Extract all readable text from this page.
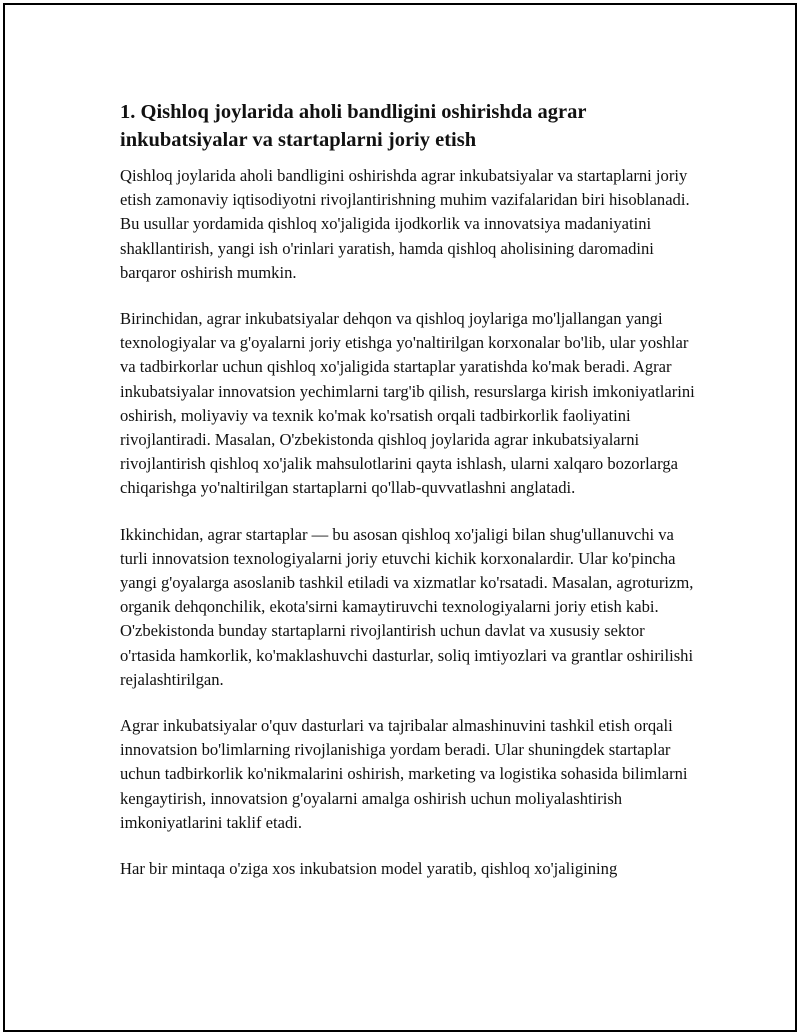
1. Qishloq joylarida aholi bandligini oshirishda agrar inkubatsiyalar va startaplarni joriy etish

Qishloq joylarida aholi bandligini oshirishda agrar inkubatsiyalar va startaplarni joriy etish zamonaviy iqtisodiyotni rivojlantirishning muhim vazifalaridan biri hisoblanadi. Bu usullar yordamida qishloq xo'jaligida ijodkorlik va innovatsiya madaniyatini shakllantirish, yangi ish o'rinlari yaratish, hamda qishloq aholisining daromadini barqaror oshirish mumkin.

Birinchidan, agrar inkubatsiyalar dehqon va qishloq joylariga mo'ljallangan yangi texnologiyalar va g'oyalarni joriy etishga yo'naltirilgan korxonalar bo'lib, ular yoshlar va tadbirkorlar uchun qishloq xo'jaligida startaplar yaratishda ko'mak beradi. Agrar inkubatsiyalar innovatsion yechimlarni targ'ib qilish, resurslarga kirish imkoniyatlarini oshirish, moliyaviy va texnik ko'mak ko'rsatish orqali tadbirkorlik faoliyatini rivojlantiradi. Masalan, O'zbekistonda qishloq joylarida agrar inkubatsiyalarni rivojlantirish qishloq xo'jalik mahsulotlarini qayta ishlash, ularni xalqaro bozorlarga chiqarishga yo'naltirilgan startaplarni qo'llab-quvvatlashni anglatadi.

Ikkinchidan, agrar startaplar — bu asosan qishloq xo'jaligi bilan shug'ullanuvchi va turli innovatsion texnologiyalarni joriy etuvchi kichik korxonalardir. Ular ko'pincha yangi g'oyalarga asoslanib tashkil etiladi va xizmatlar ko'rsatadi. Masalan, agroturizm, organik dehqonchilik, ekota'sirni kamaytiruvchi texnologiyalarni joriy etish kabi. O'zbekistonda bunday startaplarni rivojlantirish uchun davlat va xususiy sektor o'rtasida hamkorlik, ko'maklashuvchi dasturlar, soliq imtiyozlari va grantlar oshirilishi rejalashtirilgan.

Agrar inkubatsiyalar o'quv dasturlari va tajribalar almashinuvini tashkil etish orqali innovatsion bo'limlarning rivojlanishiga yordam beradi. Ular shuningdek startaplar uchun tadbirkorlik ko'nikmalarini oshirish, marketing va logistika sohasida bilimlarni kengaytirish, innovatsion g'oyalarni amalga oshirish uchun moliyalashtirish imkoniyatlarini taklif etadi.

Har bir mintaqa o'ziga xos inkubatsion model yaratib, qishloq xo'jaligining
